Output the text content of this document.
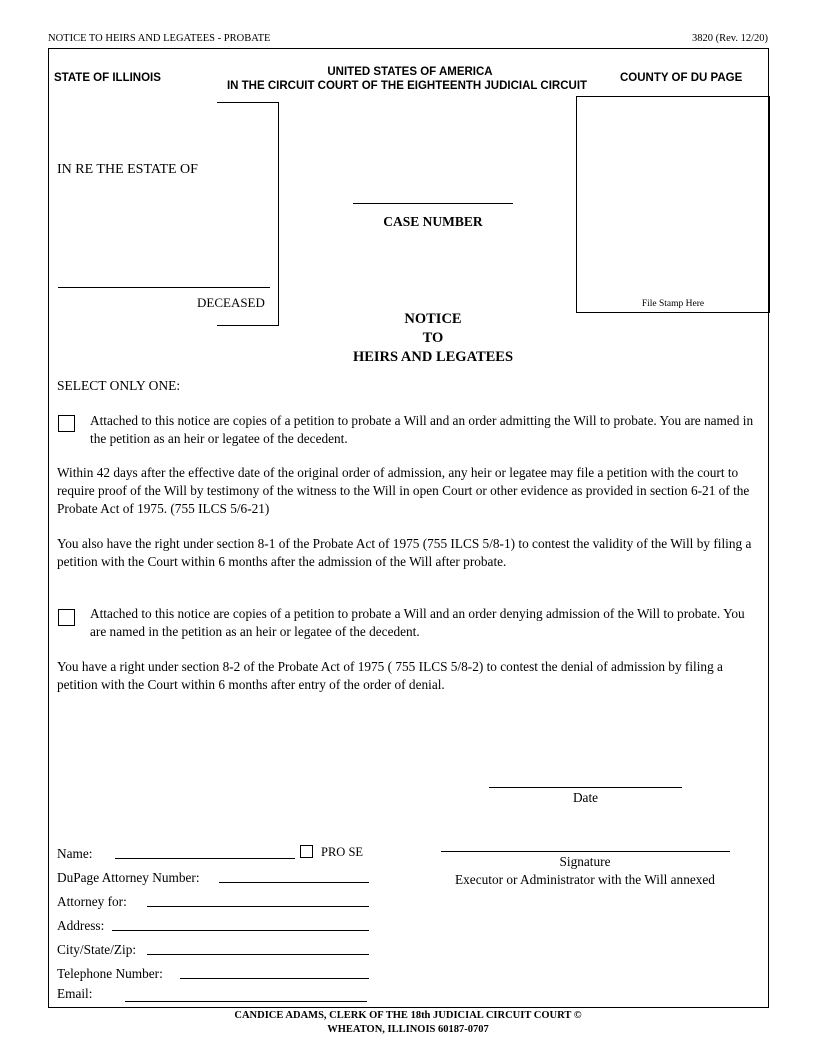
NOTICE TO HEIRS AND LEGATEES - PROBATE	3820 (Rev. 12/20)
STATE OF ILLINOIS	UNITED STATES OF AMERICA
IN THE CIRCUIT COURT OF THE EIGHTEENTH JUDICIAL CIRCUIT
COUNTY OF DU PAGE
IN RE THE ESTATE OF
DECEASED
CASE NUMBER
File Stamp Here
NOTICE
TO
HEIRS AND LEGATEES
SELECT ONLY ONE:
Attached to this notice are copies of a petition to probate a Will and an order admitting the Will to probate. You are named in the petition as an heir or legatee of the decedent.
Within 42 days after the effective date of the original order of admission, any heir or legatee may file a petition with the court to require proof of the Will by testimony of the witness to the Will in open Court or other evidence as provided in section 6-21 of the Probate Act of 1975. (755 ILCS 5/6-21)
You also have the right under section 8-1 of the Probate Act of 1975 (755 ILCS 5/8-1) to contest the validity of the Will by filing a petition with the Court within 6 months after the admission of the Will after probate.
Attached to this notice are copies of a petition to probate a Will and an order denying admission of the Will to probate. You are named in the petition as an heir or legatee of the decedent.
You have a right under section 8-2 of the Probate Act of 1975 ( 755 ILCS 5/8-2) to contest the denial of admission by filing a petition with the Court within 6 months after entry of the order of denial.
Date
Signature
Executor or Administrator with the Will annexed
Name:	PRO SE
DuPage Attorney Number:
Attorney for:
Address:
City/State/Zip:
Telephone Number:
Email:
CANDICE ADAMS, CLERK OF THE 18th JUDICIAL CIRCUIT COURT ©
WHEATON, ILLINOIS 60187-0707
